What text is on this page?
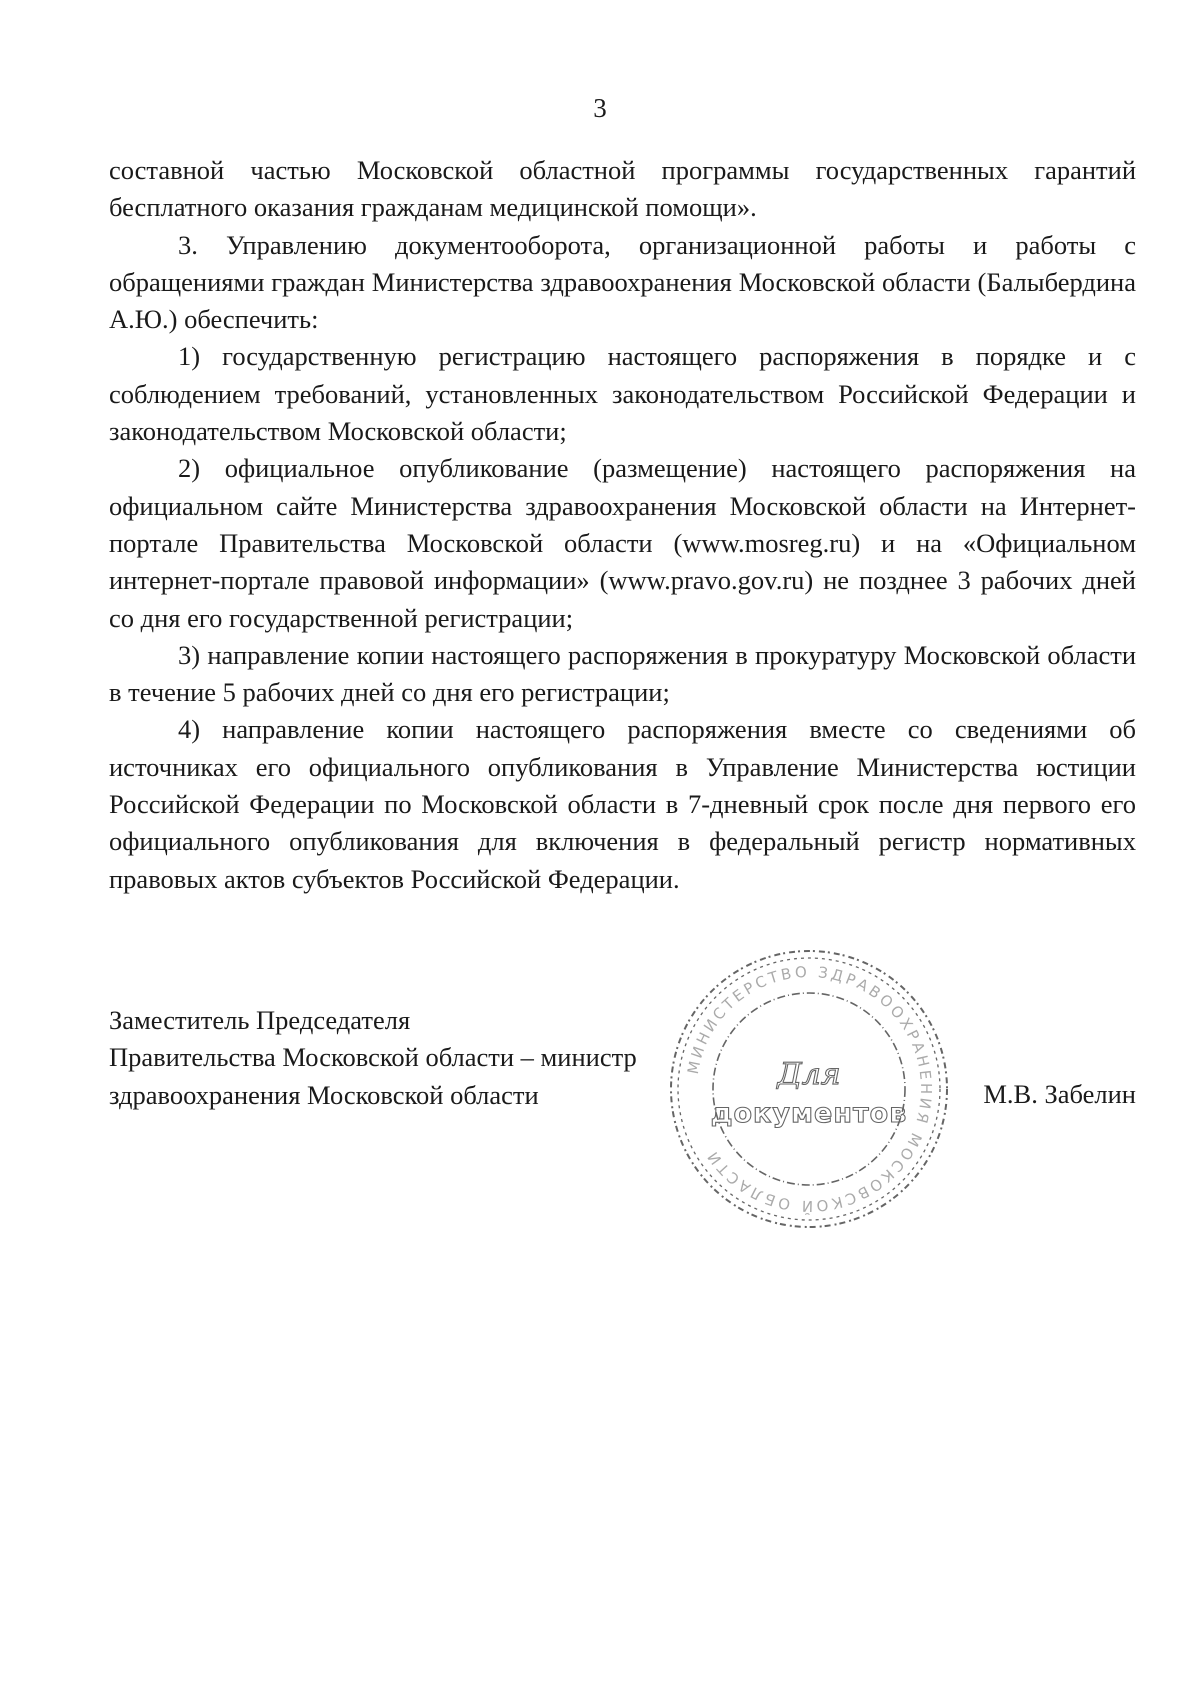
3

составной частью Московской областной программы государственных гарантий бесплатного оказания гражданам медицинской помощи».

3. Управлению документооборота, организационной работы и работы с обращениями граждан Министерства здравоохранения Московской области (Балыбердина А.Ю.) обеспечить:

1) государственную регистрацию настоящего распоряжения в порядке и с соблюдением требований, установленных законодательством Российской Федерации и законодательством Московской области;

2) официальное опубликование (размещение) настоящего распоряжения на официальном сайте Министерства здравоохранения Московской области на Интернет-портале Правительства Московской области (www.mosreg.ru) и на «Официальном интернет-портале правовой информации» (www.pravo.gov.ru) не позднее 3 рабочих дней со дня его государственной регистрации;

3) направление копии настоящего распоряжения в прокуратуру Московской области в течение 5 рабочих дней со дня его регистрации;

4) направление копии настоящего распоряжения вместе со сведениями об источниках его официального опубликования в Управление Министерства юстиции Российской Федерации по Московской области в 7-дневный срок после дня первого его официального опубликования для включения в федеральный регистр нормативных правовых актов субъектов Российской Федерации.

Заместитель Председателя
Правительства Московской области – министр
здравоохранения Московской области	М.В. Забелин
МИНИСТЕРСТВО ЗДРАВООХРАНЕНИЯ МОСКОВСКОЙ ОБЛАСТИ
Для
документов
